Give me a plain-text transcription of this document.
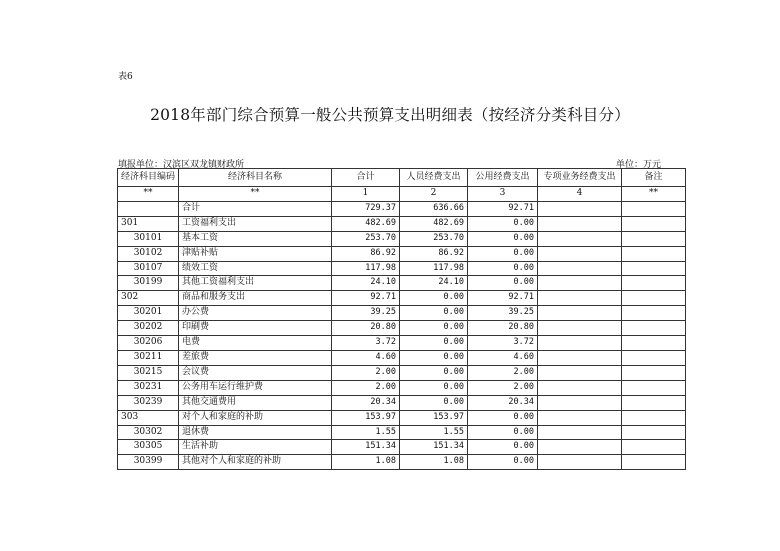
表6
2018年部门综合预算一般公共预算支出明细表（按经济分类科目分）
填报单位：汉滨区双龙镇财政所	单位：万元
经济科目编码	经济科目名称	合计	人员经费支出	公用经费支出	专项业务经费支出	备注
**	**	1	2	3	4	**
	合计	729.37	636.66	92.71		
301	工资福利支出	482.69	482.69	0.00		
30101	基本工资	253.70	253.70	0.00		
30102	津贴补贴	86.92	86.92	0.00		
30107	绩效工资	117.98	117.98	0.00		
30199	其他工资福利支出	24.10	24.10	0.00		
302	商品和服务支出	92.71	0.00	92.71		
30201	办公费	39.25	0.00	39.25		
30202	印刷费	20.80	0.00	20.80		
30206	电费	3.72	0.00	3.72		
30211	差旅费	4.60	0.00	4.60		
30215	会议费	2.00	0.00	2.00		
30231	公务用车运行维护费	2.00	0.00	2.00		
30239	其他交通费用	20.34	0.00	20.34		
303	对个人和家庭的补助	153.97	153.97	0.00		
30302	退休费	1.55	1.55	0.00		
30305	生活补助	151.34	151.34	0.00		
30399	其他对个人和家庭的补助	1.08	1.08	0.00		
